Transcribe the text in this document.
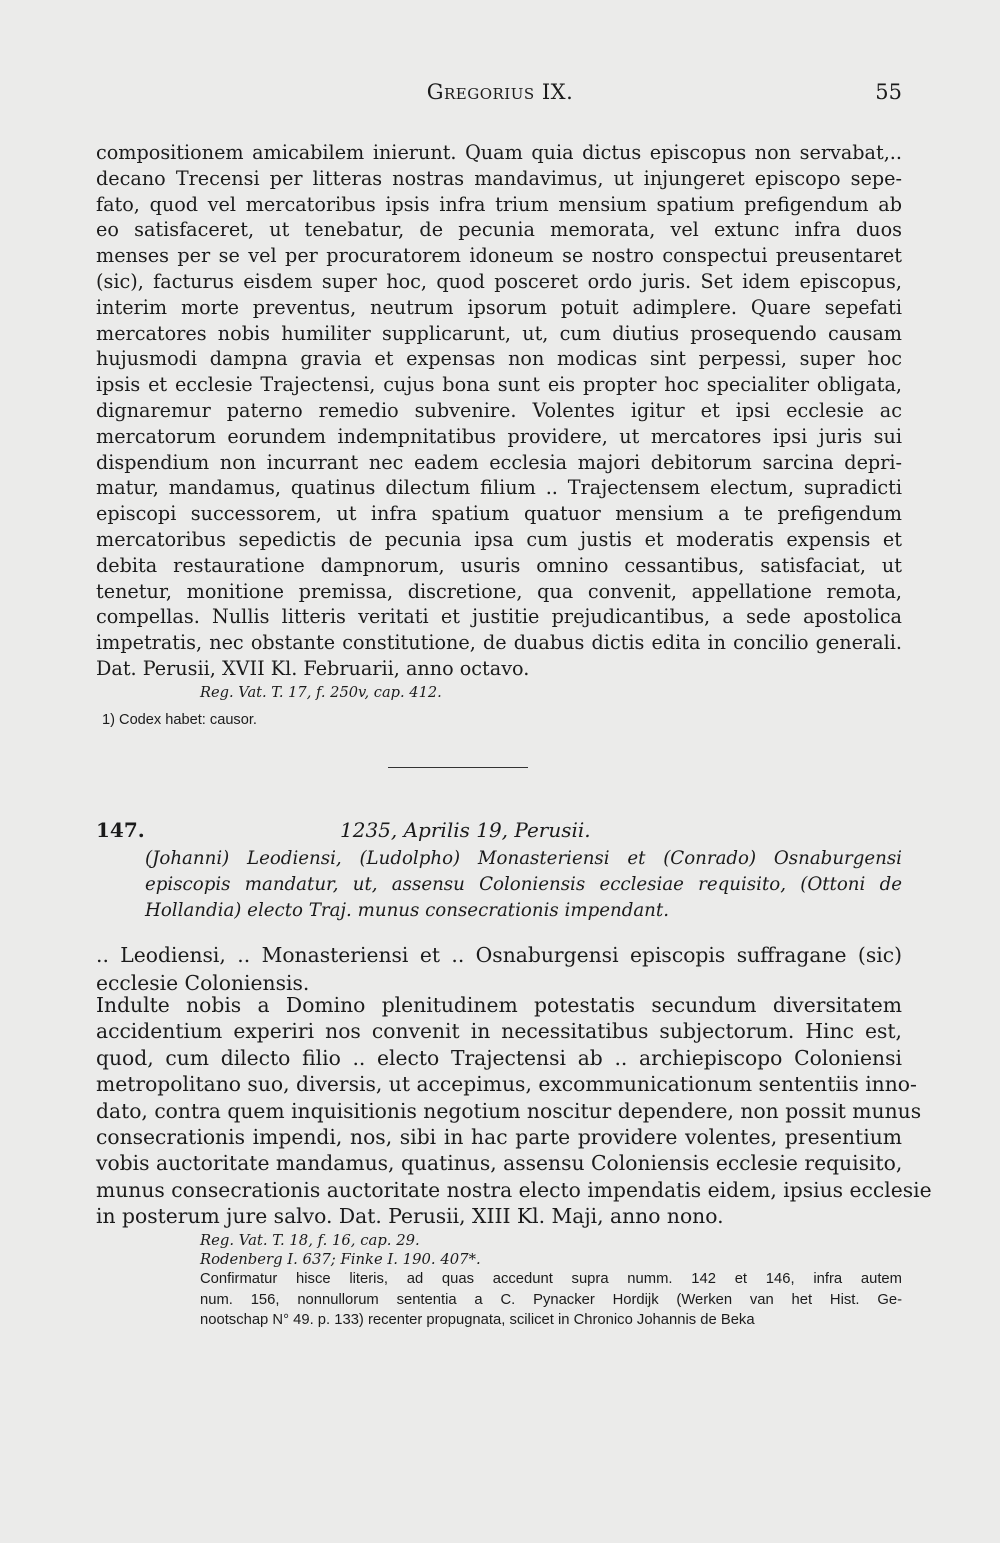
Gregorius IX.	55

compositionem amicabilem inierunt. Quam quia dictus episcopus non servabat,..

decano Trecensi per litteras nostras mandavimus, ut injungeret episcopo sepe-

fato, quod vel mercatoribus ipsis infra trium mensium spatium prefigendum ab

eo satisfaceret, ut tenebatur, de pecunia memorata, vel extunc infra duos

menses per se vel per procuratorem idoneum se nostro conspectui preusentaret

(sic), facturus eisdem super hoc, quod posceret ordo juris. Set idem episcopus,

interim morte preventus, neutrum ipsorum potuit adimplere. Quare sepefati

mercatores nobis humiliter supplicarunt, ut, cum diutius prosequendo causam

hujusmodi dampna gravia et expensas non modicas sint perpessi, super hoc

ipsis et ecclesie Trajectensi, cujus bona sunt eis propter hoc specialiter obligata,

dignaremur paterno remedio subvenire. Volentes igitur et ipsi ecclesie ac

mercatorum eorundem indempnitatibus providere, ut mercatores ipsi juris sui

dispendium non incurrant nec eadem ecclesia majori debitorum sarcina depri-

matur, mandamus, quatinus dilectum filium .. Trajectensem electum, supradicti

episcopi successorem, ut infra spatium quatuor mensium a te prefigendum

mercatoribus sepedictis de pecunia ipsa cum justis et moderatis expensis et

debita restauratione dampnorum, usuris omnino cessantibus, satisfaciat, ut

tenetur, monitione premissa, discretione, qua convenit, appellatione remota,

compellas. Nullis litteris veritati et justitie prejudicantibus, a sede apostolica

impetratis, nec obstante constitutione, de duabus dictis edita in concilio generali.

Dat. Perusii, XVII Kl. Februarii, anno octavo.

Reg. Vat. T. 17, f. 250v, cap. 412.
1) Codex habet: causor.
147.	1235, Aprilis 19, Perusii.

(Johanni) Leodiensi, (Ludolpho) Monasteriensi et (Conrado) Osnaburgensi

episcopis mandatur, ut, assensu Coloniensis ecclesiae requisito, (Ottoni de

Hollandia) electo Traj. munus consecrationis impendant.

.. Leodiensi, .. Monasteriensi et .. Osnaburgensi episcopis suffragane (sic)

ecclesie Coloniensis.

Indulte nobis a Domino plenitudinem potestatis secundum diversitatem

accidentium experiri nos convenit in necessitatibus subjectorum. Hinc est,

quod, cum dilecto filio .. electo Trajectensi ab .. archiepiscopo Coloniensi

metropolitano suo, diversis, ut accepimus, excommunicationum sententiis inno-

dato, contra quem inquisitionis negotium noscitur dependere, non possit munus

consecrationis impendi, nos, sibi in hac parte providere volentes, presentium

vobis auctoritate mandamus, quatinus, assensu Coloniensis ecclesie requisito,

munus consecrationis auctoritate nostra electo impendatis eidem, ipsius ecclesie

in posterum jure salvo. Dat. Perusii, XIII Kl. Maji, anno nono.

Reg. Vat. T. 18, f. 16, cap. 29.

Rodenberg I. 637; Finke I. 190. 407*.

Confirmatur hisce literis, ad quas accedunt supra numm. 142 et 146, infra autem

num. 156, nonnullorum sententia a C. Pynacker Hordijk (Werken van het Hist. Ge-

nootschap N° 49. p. 133) recenter propugnata, scilicet in Chronico Johannis de Beka
